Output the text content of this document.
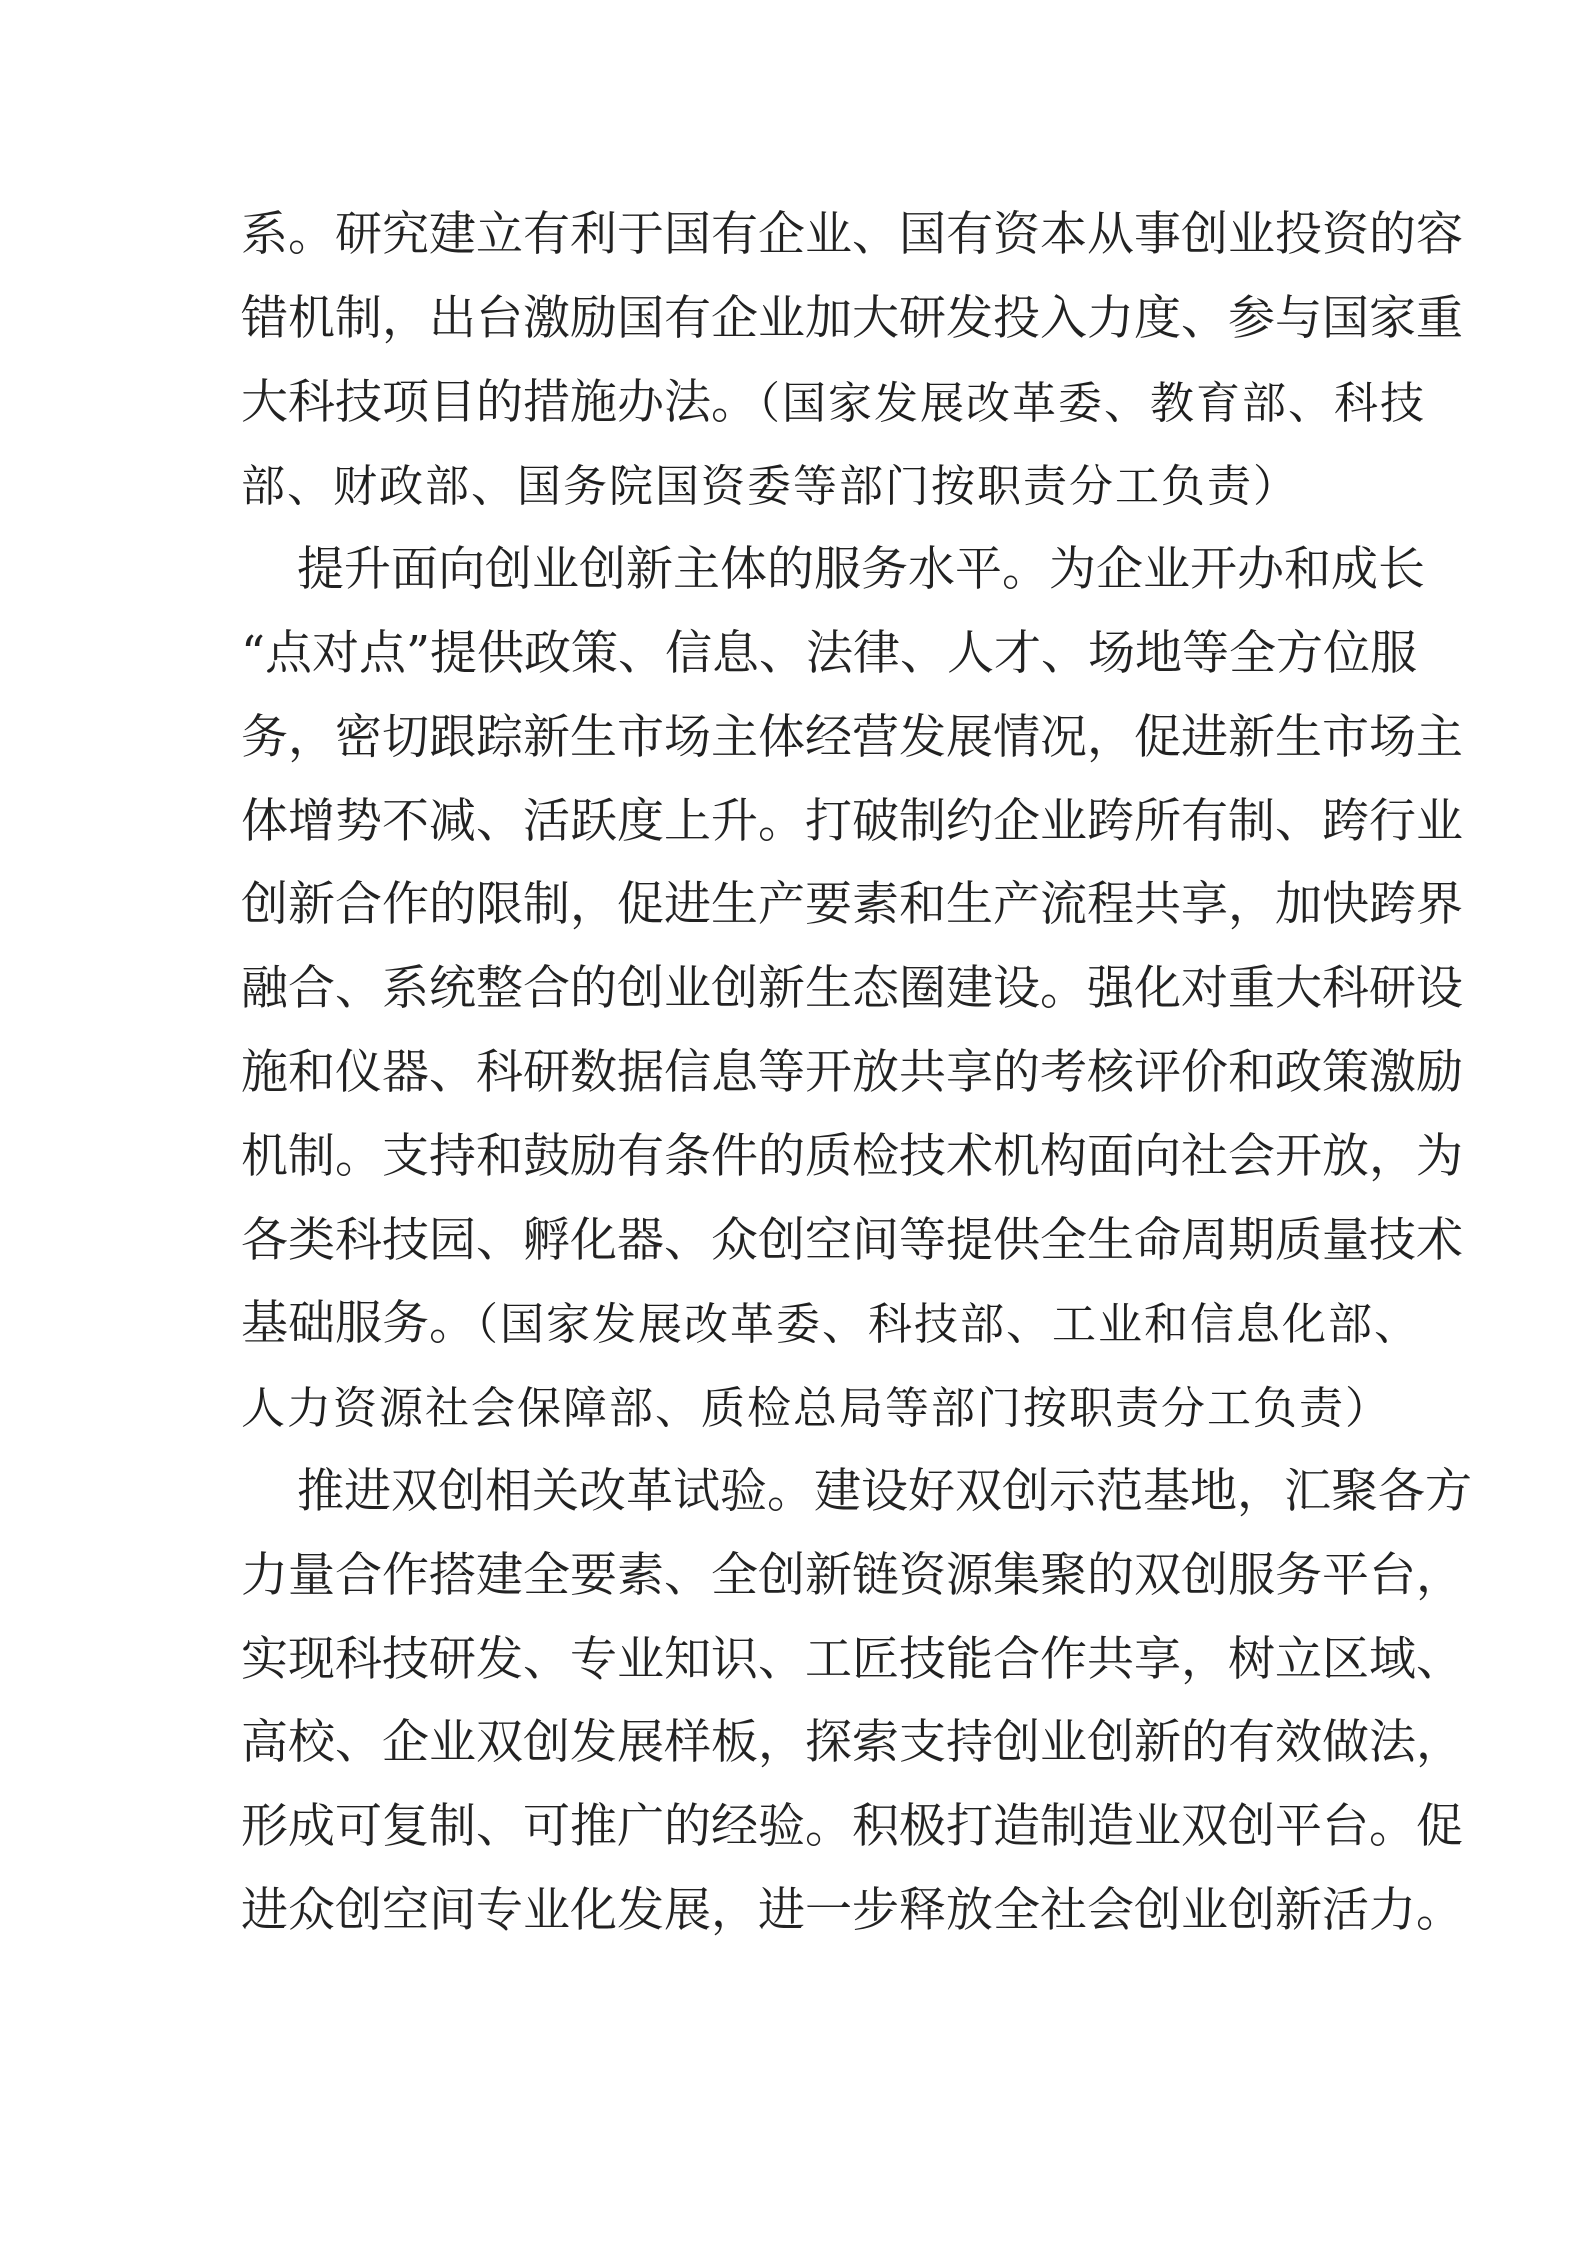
系。研究建立有利于国有企业、国有资本从事创业投资的容
错机制，出台激励国有企业加大研发投入力度、参与国家重
大科技项目的措施办法。（国家发展改革委、教育部、科技
部、财政部、国务院国资委等部门按职责分工负责）
提升面向创业创新主体的服务水平。为企业开办和成长
“点对点”提供政策、信息、法律、人才、场地等全方位服
务，密切跟踪新生市场主体经营发展情况，促进新生市场主
体增势不减、活跃度上升。打破制约企业跨所有制、跨行业
创新合作的限制，促进生产要素和生产流程共享，加快跨界
融合、系统整合的创业创新生态圈建设。强化对重大科研设
施和仪器、科研数据信息等开放共享的考核评价和政策激励
机制。支持和鼓励有条件的质检技术机构面向社会开放，为
各类科技园、孵化器、众创空间等提供全生命周期质量技术
基础服务。（国家发展改革委、科技部、工业和信息化部、
人力资源社会保障部、质检总局等部门按职责分工负责）
推进双创相关改革试验。建设好双创示范基地，汇聚各方
力量合作搭建全要素、全创新链资源集聚的双创服务平台，
实现科技研发、专业知识、工匠技能合作共享，树立区域、
高校、企业双创发展样板，探索支持创业创新的有效做法，
形成可复制、可推广的经验。积极打造制造业双创平台。促
进众创空间专业化发展，进一步释放全社会创业创新活力。
